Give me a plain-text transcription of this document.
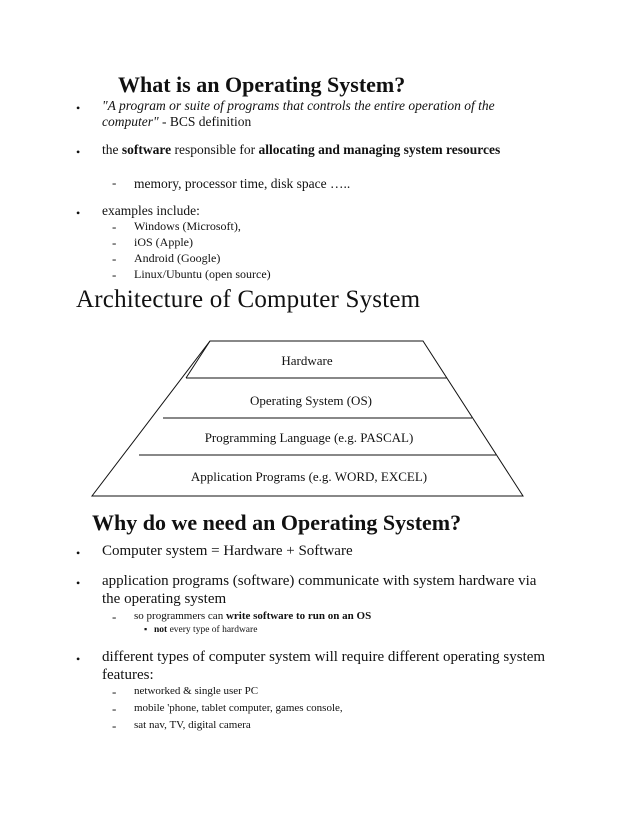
What is an Operating System?
• "A program or suite of programs that controls the entire operation of the computer" - BCS definition
• the software responsible for allocating and managing system resources
- memory, processor time, disk space …..
• examples include:
- Windows (Microsoft),
- iOS (Apple)
- Android (Google)
- Linux/Ubuntu (open source)
Architecture of Computer System
Hardware
Operating System (OS)
Programming Language (e.g. PASCAL)
Application Programs (e.g. WORD, EXCEL)
Why do we need an Operating System?
• Computer system = Hardware + Software
• application programs (software) communicate with system hardware via the operating system
- so programmers can write software to run on an OS
▪ not every type of hardware
• different types of computer system will require different operating system features:
- networked & single user PC
- mobile 'phone, tablet computer, games console,
- sat nav, TV, digital camera
